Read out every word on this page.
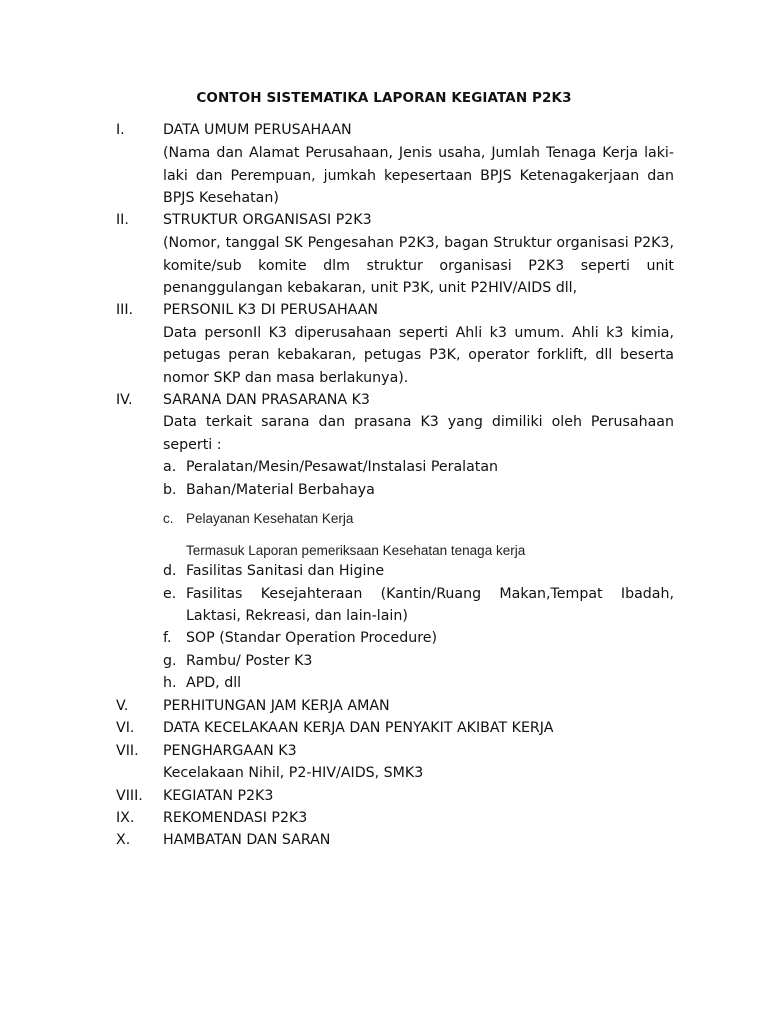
CONTOH SISTEMATIKA LAPORAN KEGIATAN P2K3
I.	DATA UMUM PERUSAHAAN
(Nama dan Alamat Perusahaan, Jenis usaha, Jumlah Tenaga Kerja laki-
laki dan Perempuan, jumkah kepesertaan BPJS Ketenagakerjaan dan
BPJS Kesehatan)
II. STRUKTUR ORGANISASI P2K3
(Nomor, tanggal SK Pengesahan P2K3, bagan Struktur organisasi P2K3,
komite/sub komite dlm struktur organisasi P2K3 seperti unit
penanggulangan kebakaran, unit P3K, unit P2HIV/AIDS dll,
III. PERSONIL K3 DI PERUSAHAAN
Data personIl K3 diperusahaan seperti Ahli k3 umum. Ahli k3 kimia,
petugas peran kebakaran, petugas P3K, operator forklift, dll beserta
nomor SKP dan masa berlakunya).
IV. SARANA DAN PRASARANA K3
Data terkait sarana dan prasana K3 yang dimiliki oleh Perusahaan
seperti :
a. Peralatan/Mesin/Pesawat/Instalasi Peralatan
b. Bahan/Material Berbahaya
c. Pelayanan Kesehatan Kerja
Termasuk Laporan pemeriksaan Kesehatan tenaga kerja
d. Fasilitas Sanitasi dan Higine
e. Fasilitas Kesejahteraan (Kantin/Ruang Makan,Tempat Ibadah,
Laktasi, Rekreasi, dan lain-lain)
f. SOP (Standar Operation Procedure)
g. Rambu/ Poster K3
h. APD, dll
V. PERHITUNGAN JAM KERJA AMAN
VI. DATA KECELAKAAN KERJA DAN PENYAKIT AKIBAT KERJA
VII. PENGHARGAAN K3
Kecelakaan Nihil, P2-HIV/AIDS, SMK3
VIII. KEGIATAN P2K3
IX. REKOMENDASI P2K3
X. HAMBATAN DAN SARAN
